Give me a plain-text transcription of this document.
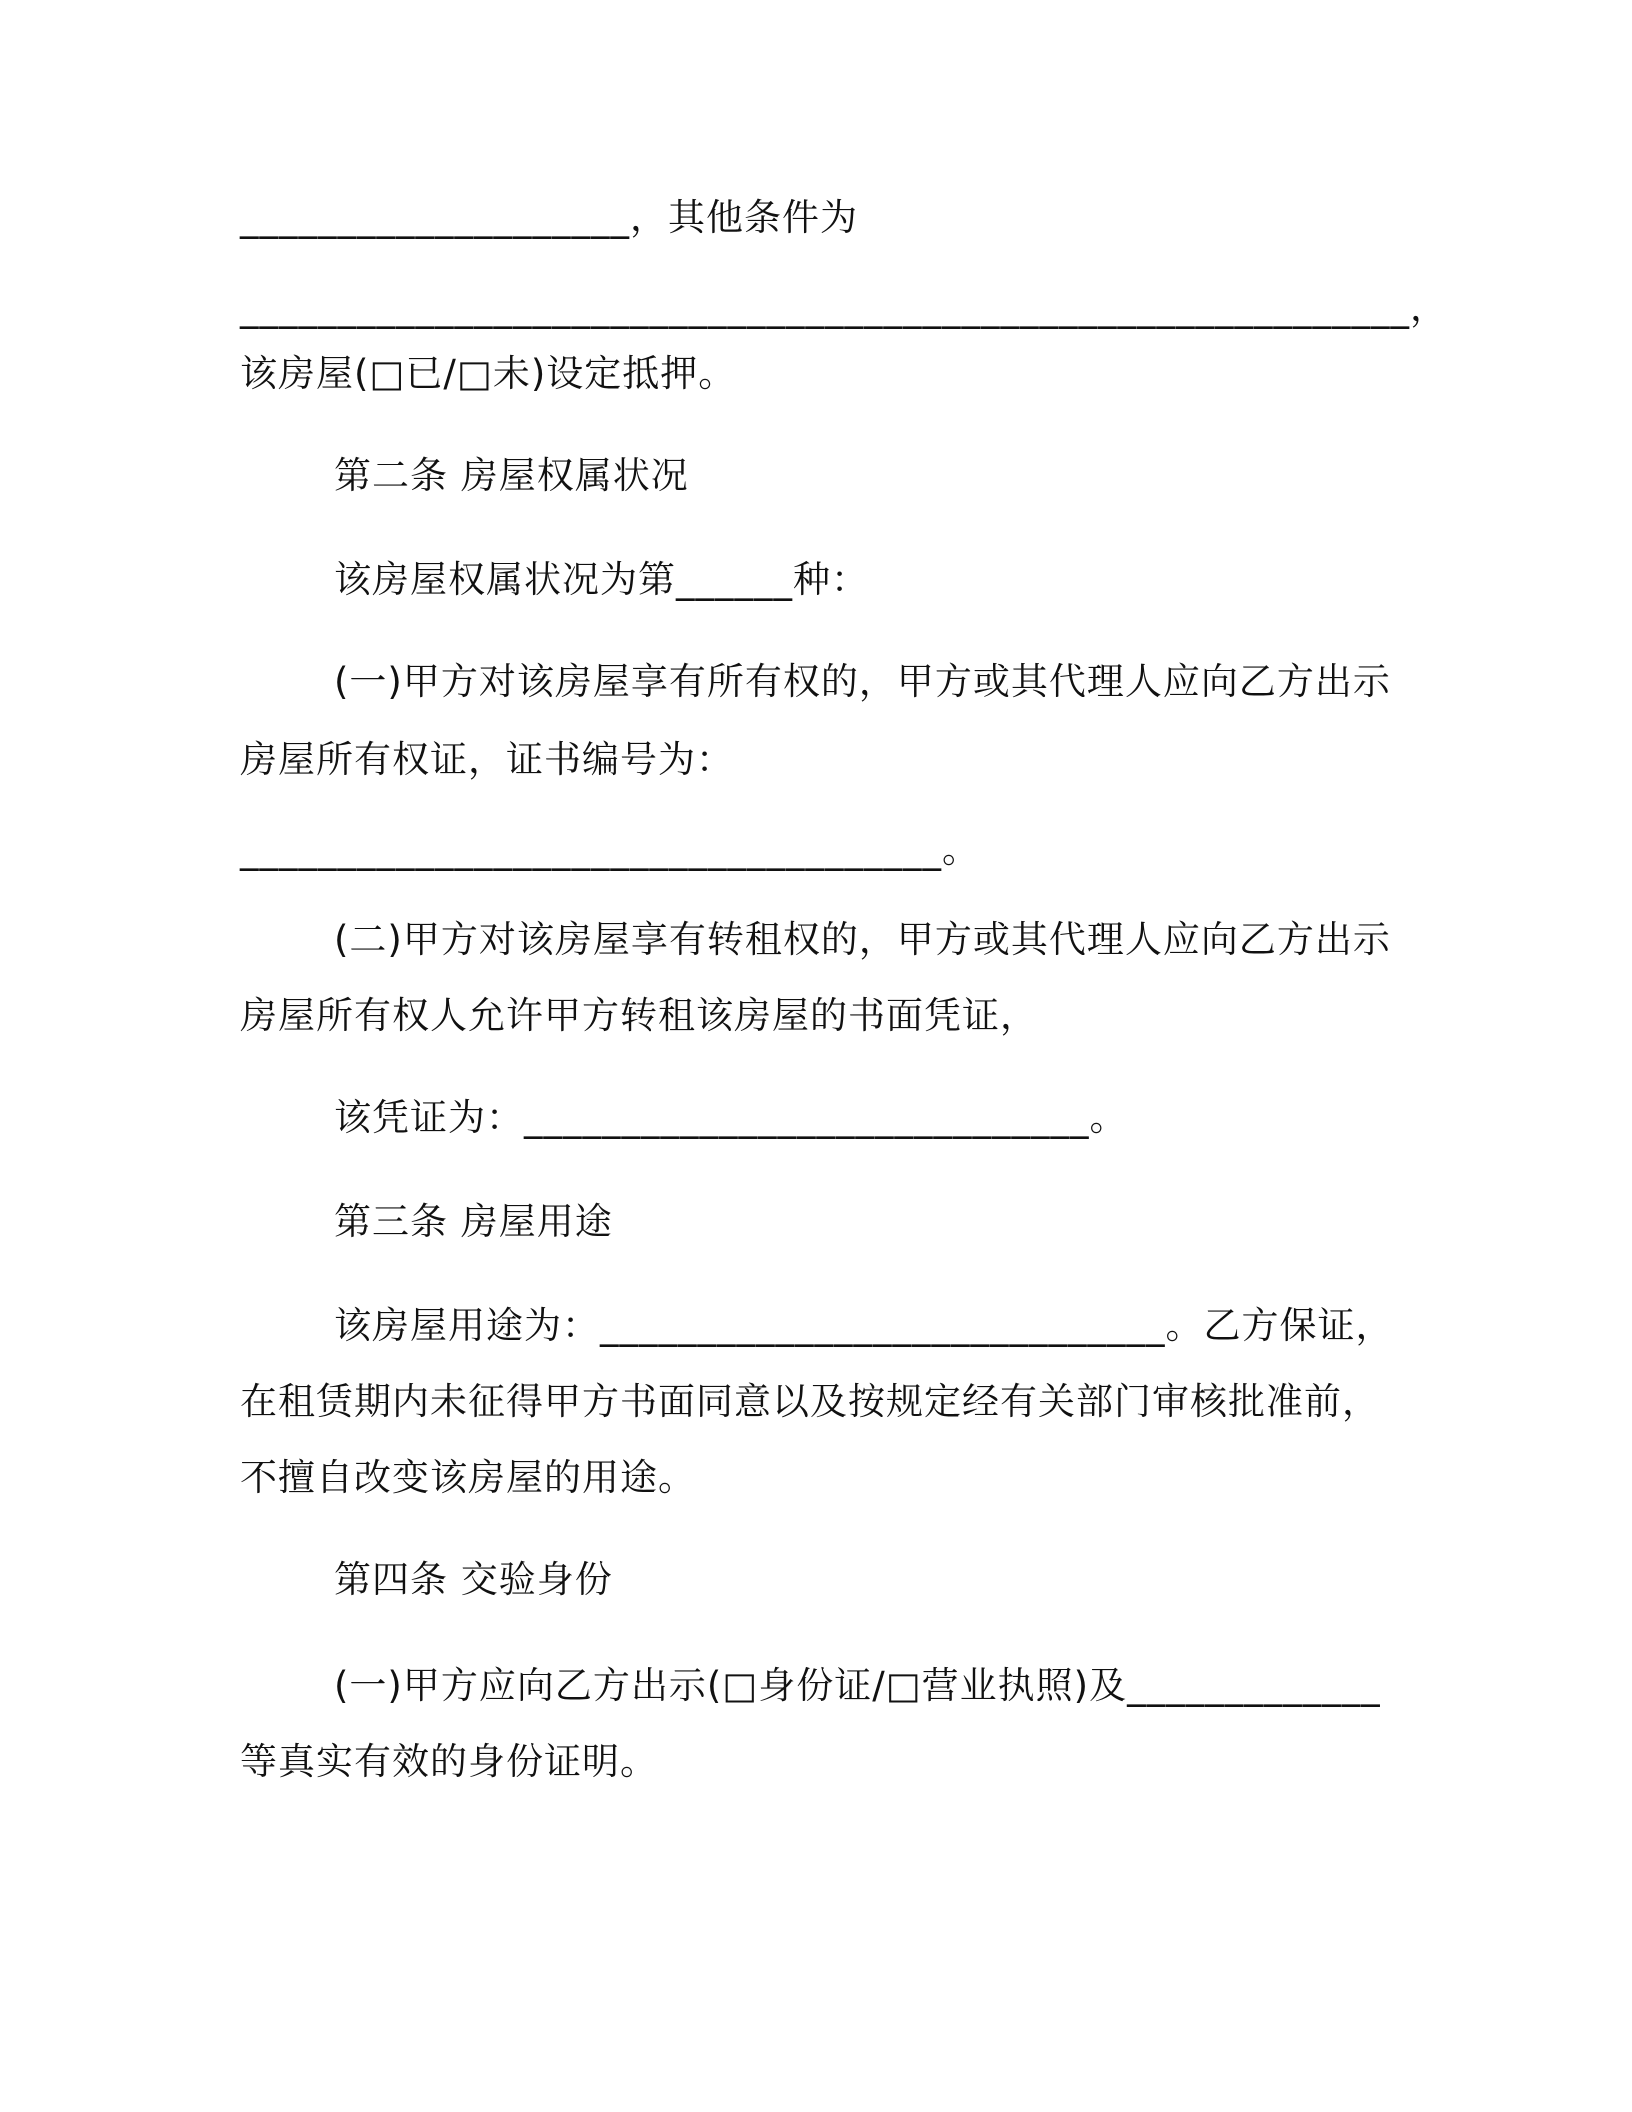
____________________，其他条件为
____________________________________________________________，
该房屋(□已/□未)设定抵押。
第二条 房屋权属状况
该房屋权属状况为第______种：
(一)甲方对该房屋享有所有权的，甲方或其代理人应向乙方出示
房屋所有权证，证书编号为：
____________________________________。
(二)甲方对该房屋享有转租权的，甲方或其代理人应向乙方出示
房屋所有权人允许甲方转租该房屋的书面凭证，
该凭证为：_____________________________。
第三条 房屋用途
该房屋用途为：_____________________________。乙方保证，
在租赁期内未征得甲方书面同意以及按规定经有关部门审核批准前，
不擅自改变该房屋的用途。
第四条 交验身份
(一)甲方应向乙方出示(□身份证/□营业执照)及_____________
等真实有效的身份证明。
